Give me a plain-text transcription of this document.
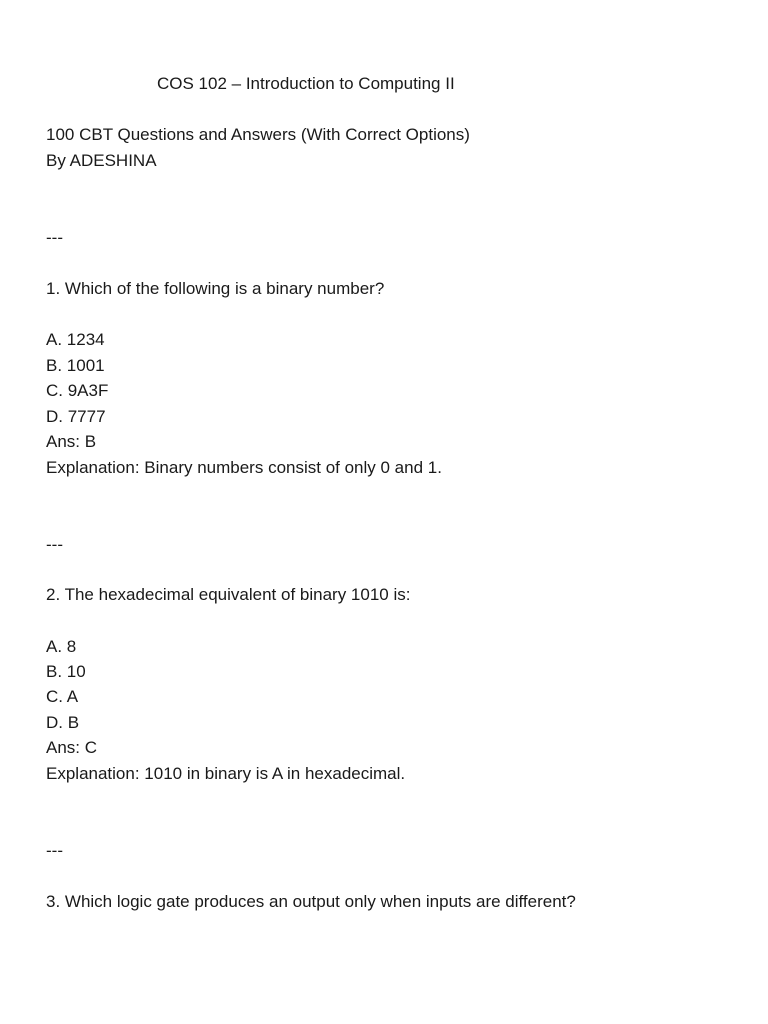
COS 102 – Introduction to Computing II
100 CBT Questions and Answers (With Correct Options)
By ADESHINA
---
1. Which of the following is a binary number?
A. 1234
B. 1001
C. 9A3F
D. 7777
Ans: B
Explanation: Binary numbers consist of only 0 and 1.
---
2. The hexadecimal equivalent of binary 1010 is:
A. 8
B. 10
C. A
D. B
Ans: C
Explanation: 1010 in binary is A in hexadecimal.
---
3. Which logic gate produces an output only when inputs are different?
